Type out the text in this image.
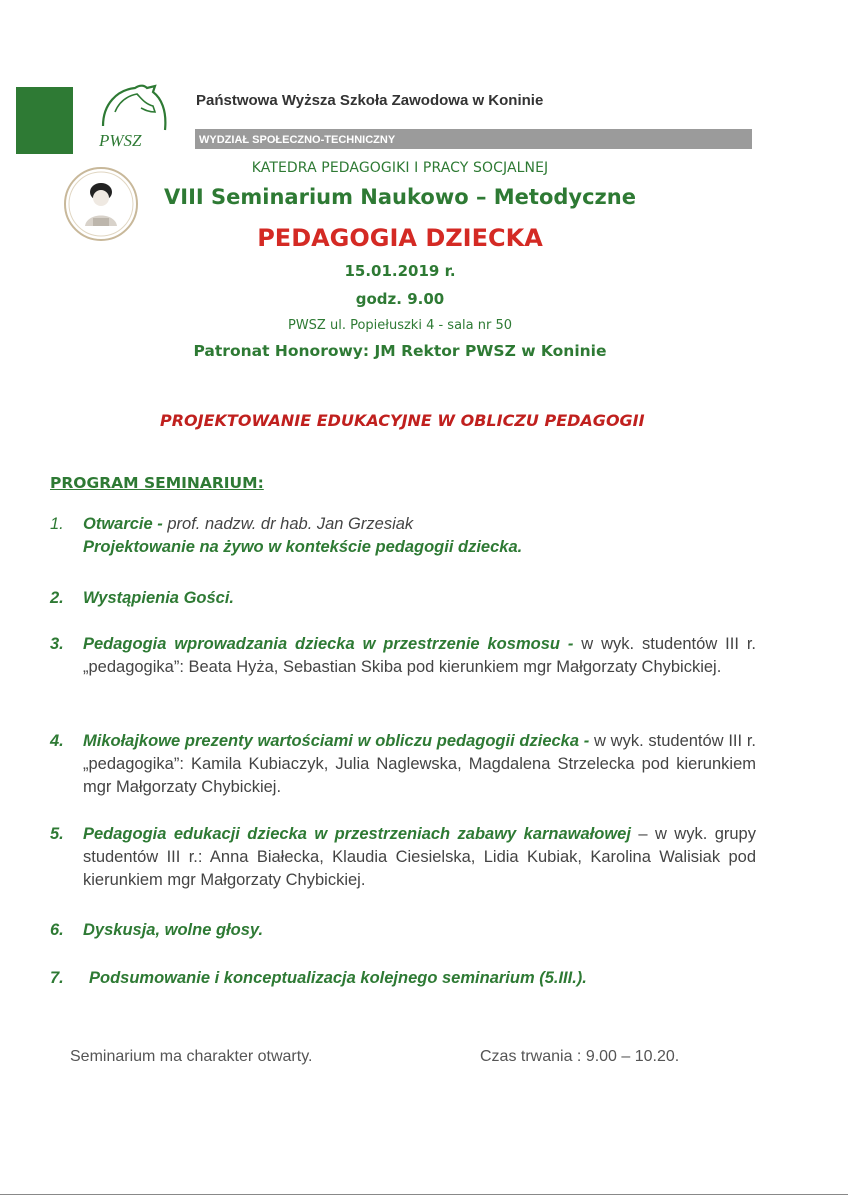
PWSZ
Państwowa Wyższa Szkoła Zawodowa w Koninie
WYDZIAŁ SPOŁECZNO-TECHNICZNY
KATEDRA PEDAGOGIKI I PRACY SOCJALNEJ
VIII Seminarium Naukowo – Metodyczne
PEDAGOGIA DZIECKA
15.01.2019 r.
godz. 9.00
PWSZ ul. Popiełuszki 4 - sala nr 50
Patronat Honorowy: JM Rektor PWSZ w Koninie
PROJEKTOWANIE EDUKACYJNE W OBLICZU PEDAGOGII
PROGRAM SEMINARIUM:
1. Otwarcie - prof. nadzw. dr hab. Jan Grzesiak
Projektowanie na żywo w kontekście pedagogii dziecka.
2. Wystąpienia Gości.
3. Pedagogia wprowadzania dziecka w przestrzenie kosmosu - w wyk. studentów III r. „pedagogika”: Beata Hyża, Sebastian Skiba pod kierunkiem mgr Małgorzaty Chybickiej.
4. Mikołajkowe prezenty wartościami w obliczu pedagogii dziecka - w wyk. studentów III r. „pedagogika”: Kamila Kubiaczyk, Julia Naglewska, Magdalena Strzelecka pod kierunkiem mgr Małgorzaty Chybickiej.
5. Pedagogia edukacji dziecka w przestrzeniach zabawy karnawałowej – w wyk. grupy studentów III r.: Anna Białecka, Klaudia Ciesielska, Lidia Kubiak, Karolina Walisiak pod kierunkiem mgr Małgorzaty Chybickiej.
6. Dyskusja, wolne głosy.
7. Podsumowanie i konceptualizacja kolejnego seminarium (5.III.).
Seminarium ma charakter otwarty.	Czas trwania : 9.00 – 10.20.
